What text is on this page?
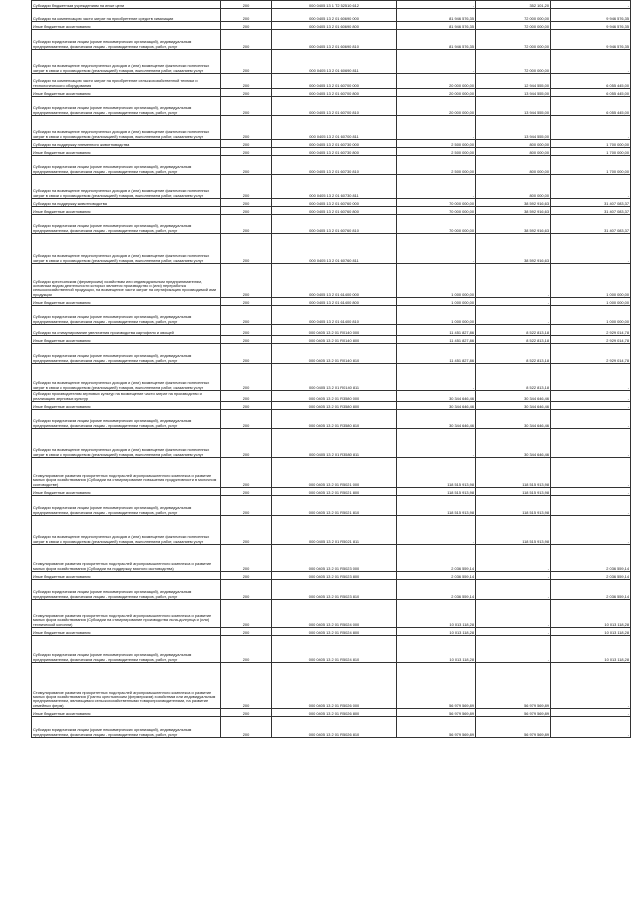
Субсидии бюджетным учреждениям на иные цели	200	000 0405 13 1 Т2 52510 612	-	352 101,20	-
Субсидии на компенсацию части затрат на приобретение средств химизации	200	000 0405 13 2 01 60690 000	81 946 576,35	72 000 000,00	9 946 576,35
Иные бюджетные ассигнования	200	000 0405 13 2 01 60690 800	81 946 576,35	72 000 000,00	9 946 576,35
Субсидии юридическим лицам (кроме некоммерческих организаций), индивидуальным предпринимателям, физическим лицам - производителям товаров, работ, услуг	200	000 0405 13 2 01 60690 810	81 946 576,35	72 000 000,00	9 946 576,35
Субсидии на возмещение недополученных доходов и (или) возмещение фактически понесенных затрат в связи с производством (реализацией) товаров, выполнением работ, оказанием услуг	200	000 0405 13 2 01 60690 811	-	72 000 000,00	-
Субсидии на компенсацию части затрат на приобретение сельскохозяйственной техники и технологического оборудования	200	000 0405 13 2 01 60700 000	20 000 000,00	12 944 555,00	6 055 445,00
Иные бюджетные ассигнования	200	000 0405 13 2 01 60700 800	20 000 000,00	13 944 555,00	6 055 445,00
Субсидии юридическим лицам (кроме некоммерческих организаций), индивидуальным предпринимателям, физическим лицам - производителям товаров, работ, услуг	200	000 0405 13 2 01 60700 810	20 000 000,00	13 944 555,00	6 055 445,00
Субсидии на возмещение недополученных доходов и (или) возмещение фактически понесенных затрат в связи с производством (реализацией) товаров, выполнением работ, оказанием услуг	200	000 0405 13 2 01 60700 811	-	13 944 555,00	-
Субсидии на поддержку племенного животноводства	200	000 0405 13 2 01 60730 000	2 500 000,00	800 000,00	1 700 000,00
Иные бюджетные ассигнования	200	000 0405 13 2 01 60730 800	2 500 000,00	800 000,00	1 700 000,00
Субсидии юридическим лицам (кроме некоммерческих организаций), индивидуальным предпринимателям, физическим лицам - производителям товаров, работ, услуг	200	000 0405 13 2 01 60730 810	2 500 000,00	800 000,00	1 700 000,00
Субсидии на возмещение недополученных доходов и (или) возмещение фактически понесенных затрат в связи с производством (реализацией) товаров, выполнением работ, оказанием услуг	200	000 0405 13 2 01 60730 811	-	800 000,00	-
Субсидии на поддержку животноводства	200	000 0405 13 2 01 60760 000	70 000 000,00	38 592 916,63	31 407 083,37
Иные бюджетные ассигнования	200	000 0405 13 2 01 60760 800	70 000 000,00	38 592 916,63	31 407 083,37
Субсидии юридическим лицам (кроме некоммерческих организаций), индивидуальным предпринимателям, физическим лицам - производителям товаров, работ, услуг	200	000 0405 13 2 01 60760 810	70 000 000,00	38 592 916,63	31 407 083,37
Субсидии на возмещение недополученных доходов и (или) возмещение фактически понесенных затрат в связи с производством (реализацией) товаров, выполнением работ, оказанием услуг	200	000 0405 13 2 01 60760 811	-	38 592 916,63	-
Субсидии крестьянским (фермерским) хозяйствам или индивидуальным предпринимателям, основным видом деятельности которых является производство и (или) переработка сельскохозяйственной продукции, на возмещение части затрат на сертификацию производимой ими продукции	200	000 0405 13 2 01 61400 000	1 000 000,00	-	1 000 000,00
Иные бюджетные ассигнования	200	000 0405 13 2 01 61400 800	1 000 000,00	-	1 000 000,00
Субсидии юридическим лицам (кроме некоммерческих организаций), индивидуальным предпринимателям, физическим лицам - производителям товаров, работ, услуг	200	000 0405 13 2 01 61400 810	1 000 000,00	-	1 000 000,00
Субсидии на стимулирование увеличения производства картофеля и овощей	200	000 0405 13 2 01 R0140 000	11 451 827,86	8 522 813,18	2 929 014,78
Иные бюджетные ассигнования	200	000 0405 13 2 01 R0140 800	11 451 827,86	8 522 813,18	2 929 014,78
Субсидии юридическим лицам (кроме некоммерческих организаций), индивидуальным предпринимателям, физическим лицам - производителям товаров, работ, услуг	200	000 0405 13 2 01 R0140 810	11 451 827,86	8 522 813,18	2 929 014,78
Субсидии на возмещение недополученных доходов и (или) возмещение фактически понесенных затрат в связи с производством (реализацией) товаров, выполнением работ, оказанием услуг	200	000 0405 13 2 01 R0140 811	-	8 522 813,18	-
Субсидии производителям зерновых культур на возмещение части затрат на производство и реализацию зерновых культур	200	000 0405 13 2 01 R3580 000	30 344 646,46	30 344 646,46	-
Иные бюджетные ассигнования	200	000 0405 13 2 01 R3580 800	30 344 646,46	30 344 646,46	-
Субсидии юридическим лицам (кроме некоммерческих организаций), индивидуальным предпринимателям, физическим лицам - производителям товаров, работ, услуг	200	000 0405 13 2 01 R3580 810	30 344 646,46	30 344 646,46	-
Субсидии на возмещение недополученных доходов и (или) возмещение фактически понесенных затрат в связи с производством (реализацией) товаров, выполнением работ, оказанием услуг	200	000 0405 13 2 01 R3580 811	-	30 344 646,46	-
Стимулирование развития приоритетных подотраслей агропромышленного комплекса и развитие малых форм хозяйствования (Субсидии на стимулирование повышения продуктивности в молочном скотоводстве)	200	000 0405 13 2 01 R5021 000	118 515 913,98	118 515 913,98	-
Иные бюджетные ассигнования	200	000 0405 13 2 01 R5021 800	118 515 913,98	118 515 913,98	-
Субсидии юридическим лицам (кроме некоммерческих организаций), индивидуальным предпринимателям, физическим лицам - производителям товаров, работ, услуг	200	000 0405 13 2 01 R5021 810	118 515 913,98	118 515 913,98	-
Субсидии на возмещение недополученных доходов и (или) возмещение фактически понесенных затрат в связи с производством (реализацией) товаров, выполнением работ, оказанием услуг	200	000 0405 13 2 01 R5021 811	-	118 515 913,98	-
Стимулирование развития приоритетных подотраслей агропромышленного комплекса и развитие малых форм хозяйствования (Субсидии на поддержку мясного скотоводства)	200	000 0405 13 2 01 R5023 000	2 036 559,14	-	2 036 559,14
Иные бюджетные ассигнования	200	000 0405 13 2 01 R5023 800	2 036 559,14	-	2 036 559,14
Субсидии юридическим лицам (кроме некоммерческих организаций), индивидуальным предпринимателям, физическим лицам - производителям товаров, работ, услуг	200	000 0405 13 2 01 R5023 810	2 036 559,14	-	2 036 559,14
Стимулирование развития приоритетных подотраслей агропромышленного комплекса и развитие малых форм хозяйствования (Субсидии на стимулирование производства льна-долгунца и (или) технической конопли)	200	000 0405 13 2 01 R5024 000	10 013 118,28	-	10 013 118,28
Иные бюджетные ассигнования	200	000 0405 13 2 01 R5024 800	10 013 118,28	-	10 013 118,28
Субсидии юридическим лицам (кроме некоммерческих организаций), индивидуальным предпринимателям, физическим лицам - производителям товаров, работ, услуг	200	000 0405 13 2 01 R5024 810	10 013 118,28	-	10 013 118,28
Стимулирование развития приоритетных подотраслей агропромышленного комплекса и развитие малых форм хозяйствования (Гранты крестьянским (фермерским) хозяйствам или индивидуальным предпринимателям, являющимся сельскохозяйственными товаропроизводителями, на развитие семейных ферм)	200	000 0405 13 2 01 R5026 000	56 979 569,89	56 979 569,89	-
Иные бюджетные ассигнования	200	000 0405 13 2 01 R5026 800	56 979 569,89	56 979 569,89	-
Субсидии юридическим лицам (кроме некоммерческих организаций), индивидуальным предпринимателям, физическим лицам - производителям товаров, работ, услуг	200	000 0405 13 2 01 R5026 810	56 979 569,89	56 979 569,89	-
